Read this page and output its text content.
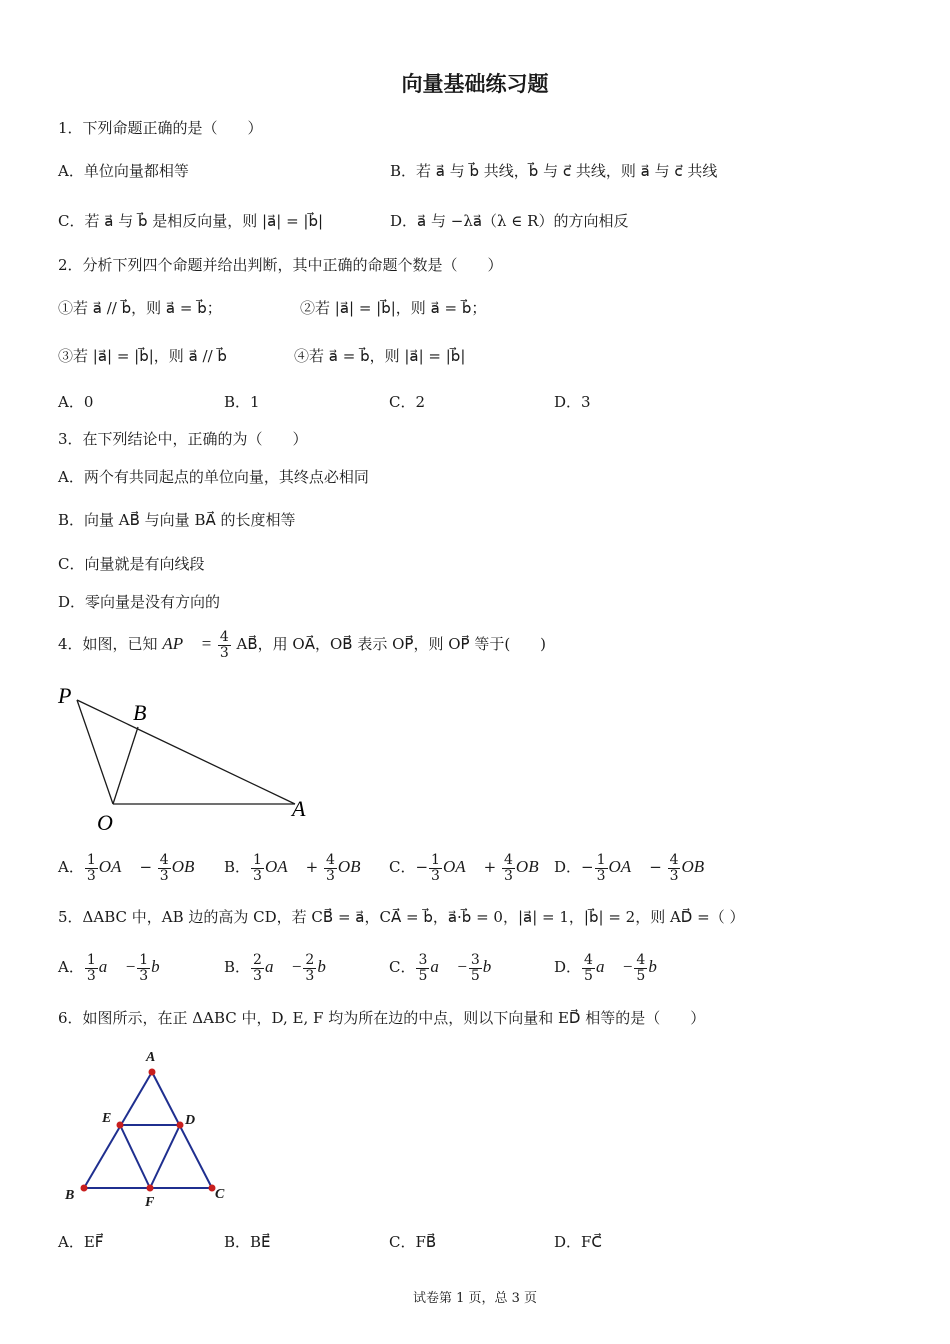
向量基础练习题
1．下列命题正确的是（　　）
A．单位向量都相等	B．若 a⃗ 与 b⃗ 共线，b⃗ 与 c⃗ 共线，则 a⃗ 与 c⃗ 共线
C．若 a⃗ 与 b⃗ 是相反向量，则 |a⃗| = |b⃗|	D．a⃗ 与 −λa⃗（λ ∈ R）的方向相反
2．分析下列四个命题并给出判断，其中正确的命题个数是（　　）
①若 a⃗ // b⃗，则 a⃗ = b⃗；	②若 |a⃗| = |b⃗|，则 a⃗ = b⃗；
③若 |a⃗| = |b⃗|，则 a⃗ // b⃗	④若 a⃗ = b⃗，则 |a⃗| = |b⃗|
A．0	B．1	C．2	D．3
3．在下列结论中，正确的为（　　）
A．两个有共同起点的单位向量，其终点必相同
B．向量 AB⃗ 与向量 BA⃗ 的长度相等
C．向量就是有向线段
D．零向量是没有方向的
4．如图，已知 AP⃗ = $\frac{4}{3}$ AB⃗，用 OA⃗，OB⃗ 表示 OP⃗，则 OP⃗ 等于(　　)
P
B
O
A
A． $\frac{1}{3}$ OA⃗ − $\frac{4}{3}$ OB⃗ B． $\frac{1}{3}$ OA⃗ + $\frac{4}{3}$ OB⃗ C．− $\frac{1}{3}$ OA⃗ + $\frac{4}{3}$ OB⃗ D．− $\frac{1}{3}$ OA⃗ − $\frac{4}{3}$ OB⃗
5．ΔABC 中，AB 边的高为 CD，若 CB⃗ = a⃗，CA⃗ = b⃗，a⃗·b⃗ = 0，|a⃗| = 1，|b⃗| = 2，则 AD⃗ =（ ）
A． $\frac{1}{3}$ a⃗ − $\frac{1}{3}$ b⃗	B． $\frac{2}{3}$ a⃗ − $\frac{2}{3}$ b⃗	C． $\frac{3}{5}$ a⃗ − $\frac{3}{5}$ b⃗	D． $\frac{4}{5}$ a⃗ − $\frac{4}{5}$ b⃗
6．如图所示，在正 ΔABC 中，D, E, F 均为所在边的中点，则以下向量和 ED⃗ 相等的是（　　）
A
B	C
D
E
F
A．EF⃗	B．BE⃗	C．FB⃗	D．FC⃗
试卷第 1 页，总 3 页
